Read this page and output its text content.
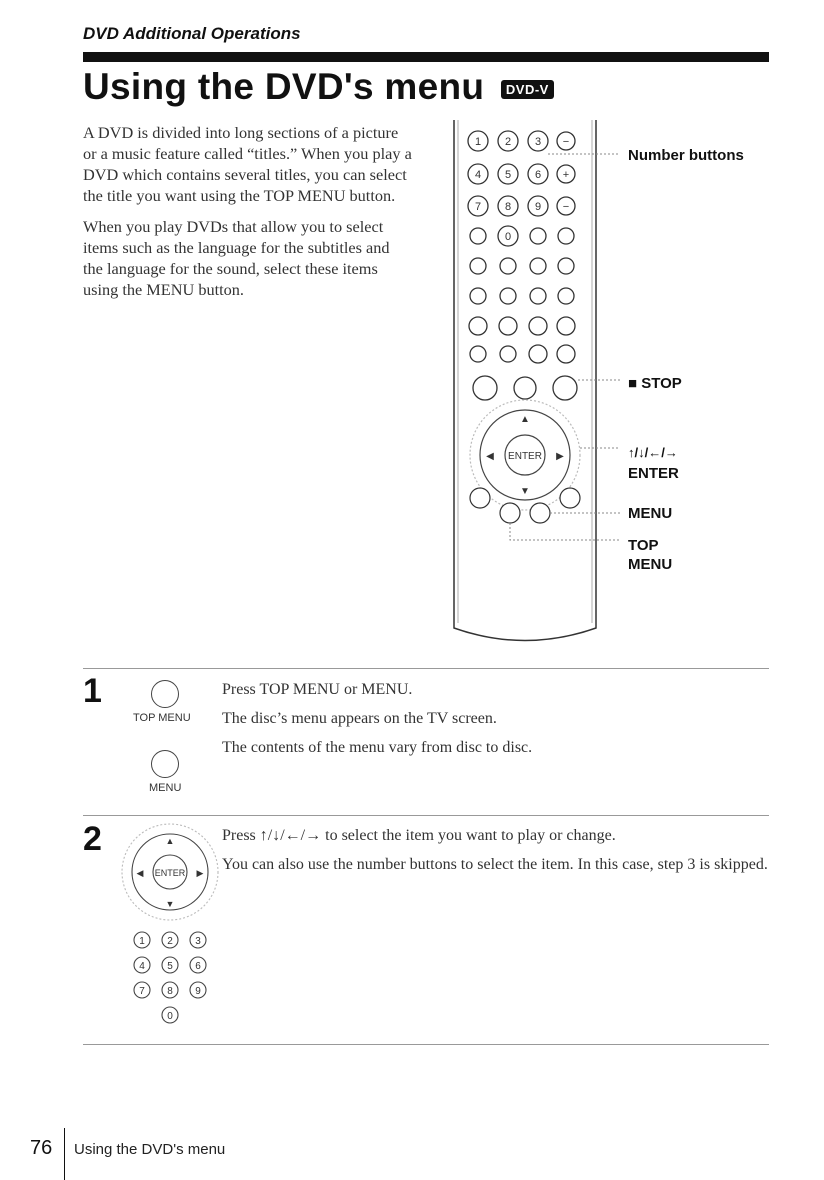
DVD Additional Operations
Using the DVD's menu DVD-V

A DVD is divided into long sections of a picture or a music feature called “titles.” When you play a DVD which contains several titles, you can select the title you want using the TOP MENU button.

When you play DVDs that allow you to select items such as the language for the subtitles and the language for the sound, select these items using the MENU button.

1 2 3 −
4 5 6 +
7 8 9 −
0
ENTER
▲
▼
◀	▶
Number buttons
■ STOP
↑/↓/←/→
ENTER
MENU
TOP MENU
1
TOP MENU
MENU

Press TOP MENU or MENU.

The disc’s menu appears on the TV screen.

The contents of the menu vary from disc to disc.

2
ENTER
▲
▼
◀	▶
1 2 3
4 5 6
7 8 9
0

Press ↑/↓/←/→ to select the item you want to play or change.

You can also use the number buttons to select the item. In this case, step 3 is skipped.

76 Using the DVD's menu
